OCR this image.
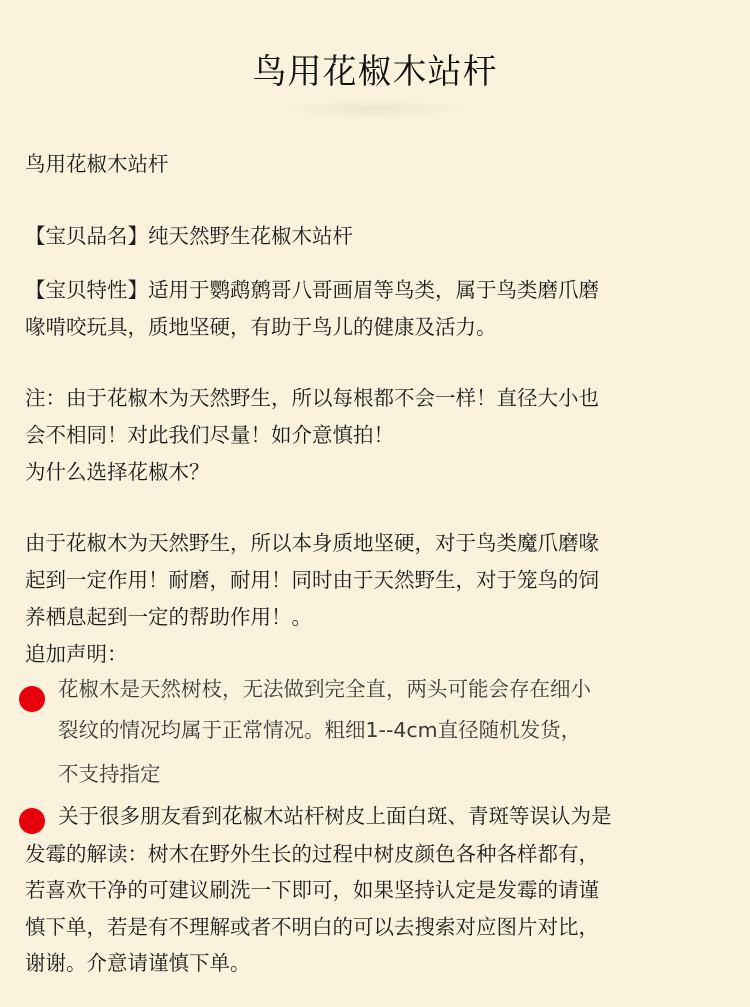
鸟用花椒木站杆

鸟用花椒木站杆

【宝贝品名】纯天然野生花椒木站杆

【宝贝特性】适用于鹦鹉鹩哥八哥画眉等鸟类，属于鸟类磨爪磨

喙啃咬玩具，质地坚硬，有助于鸟儿的健康及活力。

注：由于花椒木为天然野生，所以每根都不会一样！直径大小也

会不相同！对此我们尽量！如介意慎拍！

为什么选择花椒木？

由于花椒木为天然野生，所以本身质地坚硬，对于鸟类魔爪磨喙

起到一定作用！耐磨，耐用！同时由于天然野生，对于笼鸟的饲

养栖息起到一定的帮助作用！。

追加声明：

花椒木是天然树枝，无法做到完全直，两头可能会存在细小

裂纹的情况均属于正常情况。粗细1--4cm直径随机发货，

不支持指定

关于很多朋友看到花椒木站杆树皮上面白斑、青斑等误认为是

发霉的解读：树木在野外生长的过程中树皮颜色各种各样都有，

若喜欢干净的可建议刷洗一下即可，如果坚持认定是发霉的请谨

慎下单，若是有不理解或者不明白的可以去搜索对应图片对比，

谢谢。介意请谨慎下单。
